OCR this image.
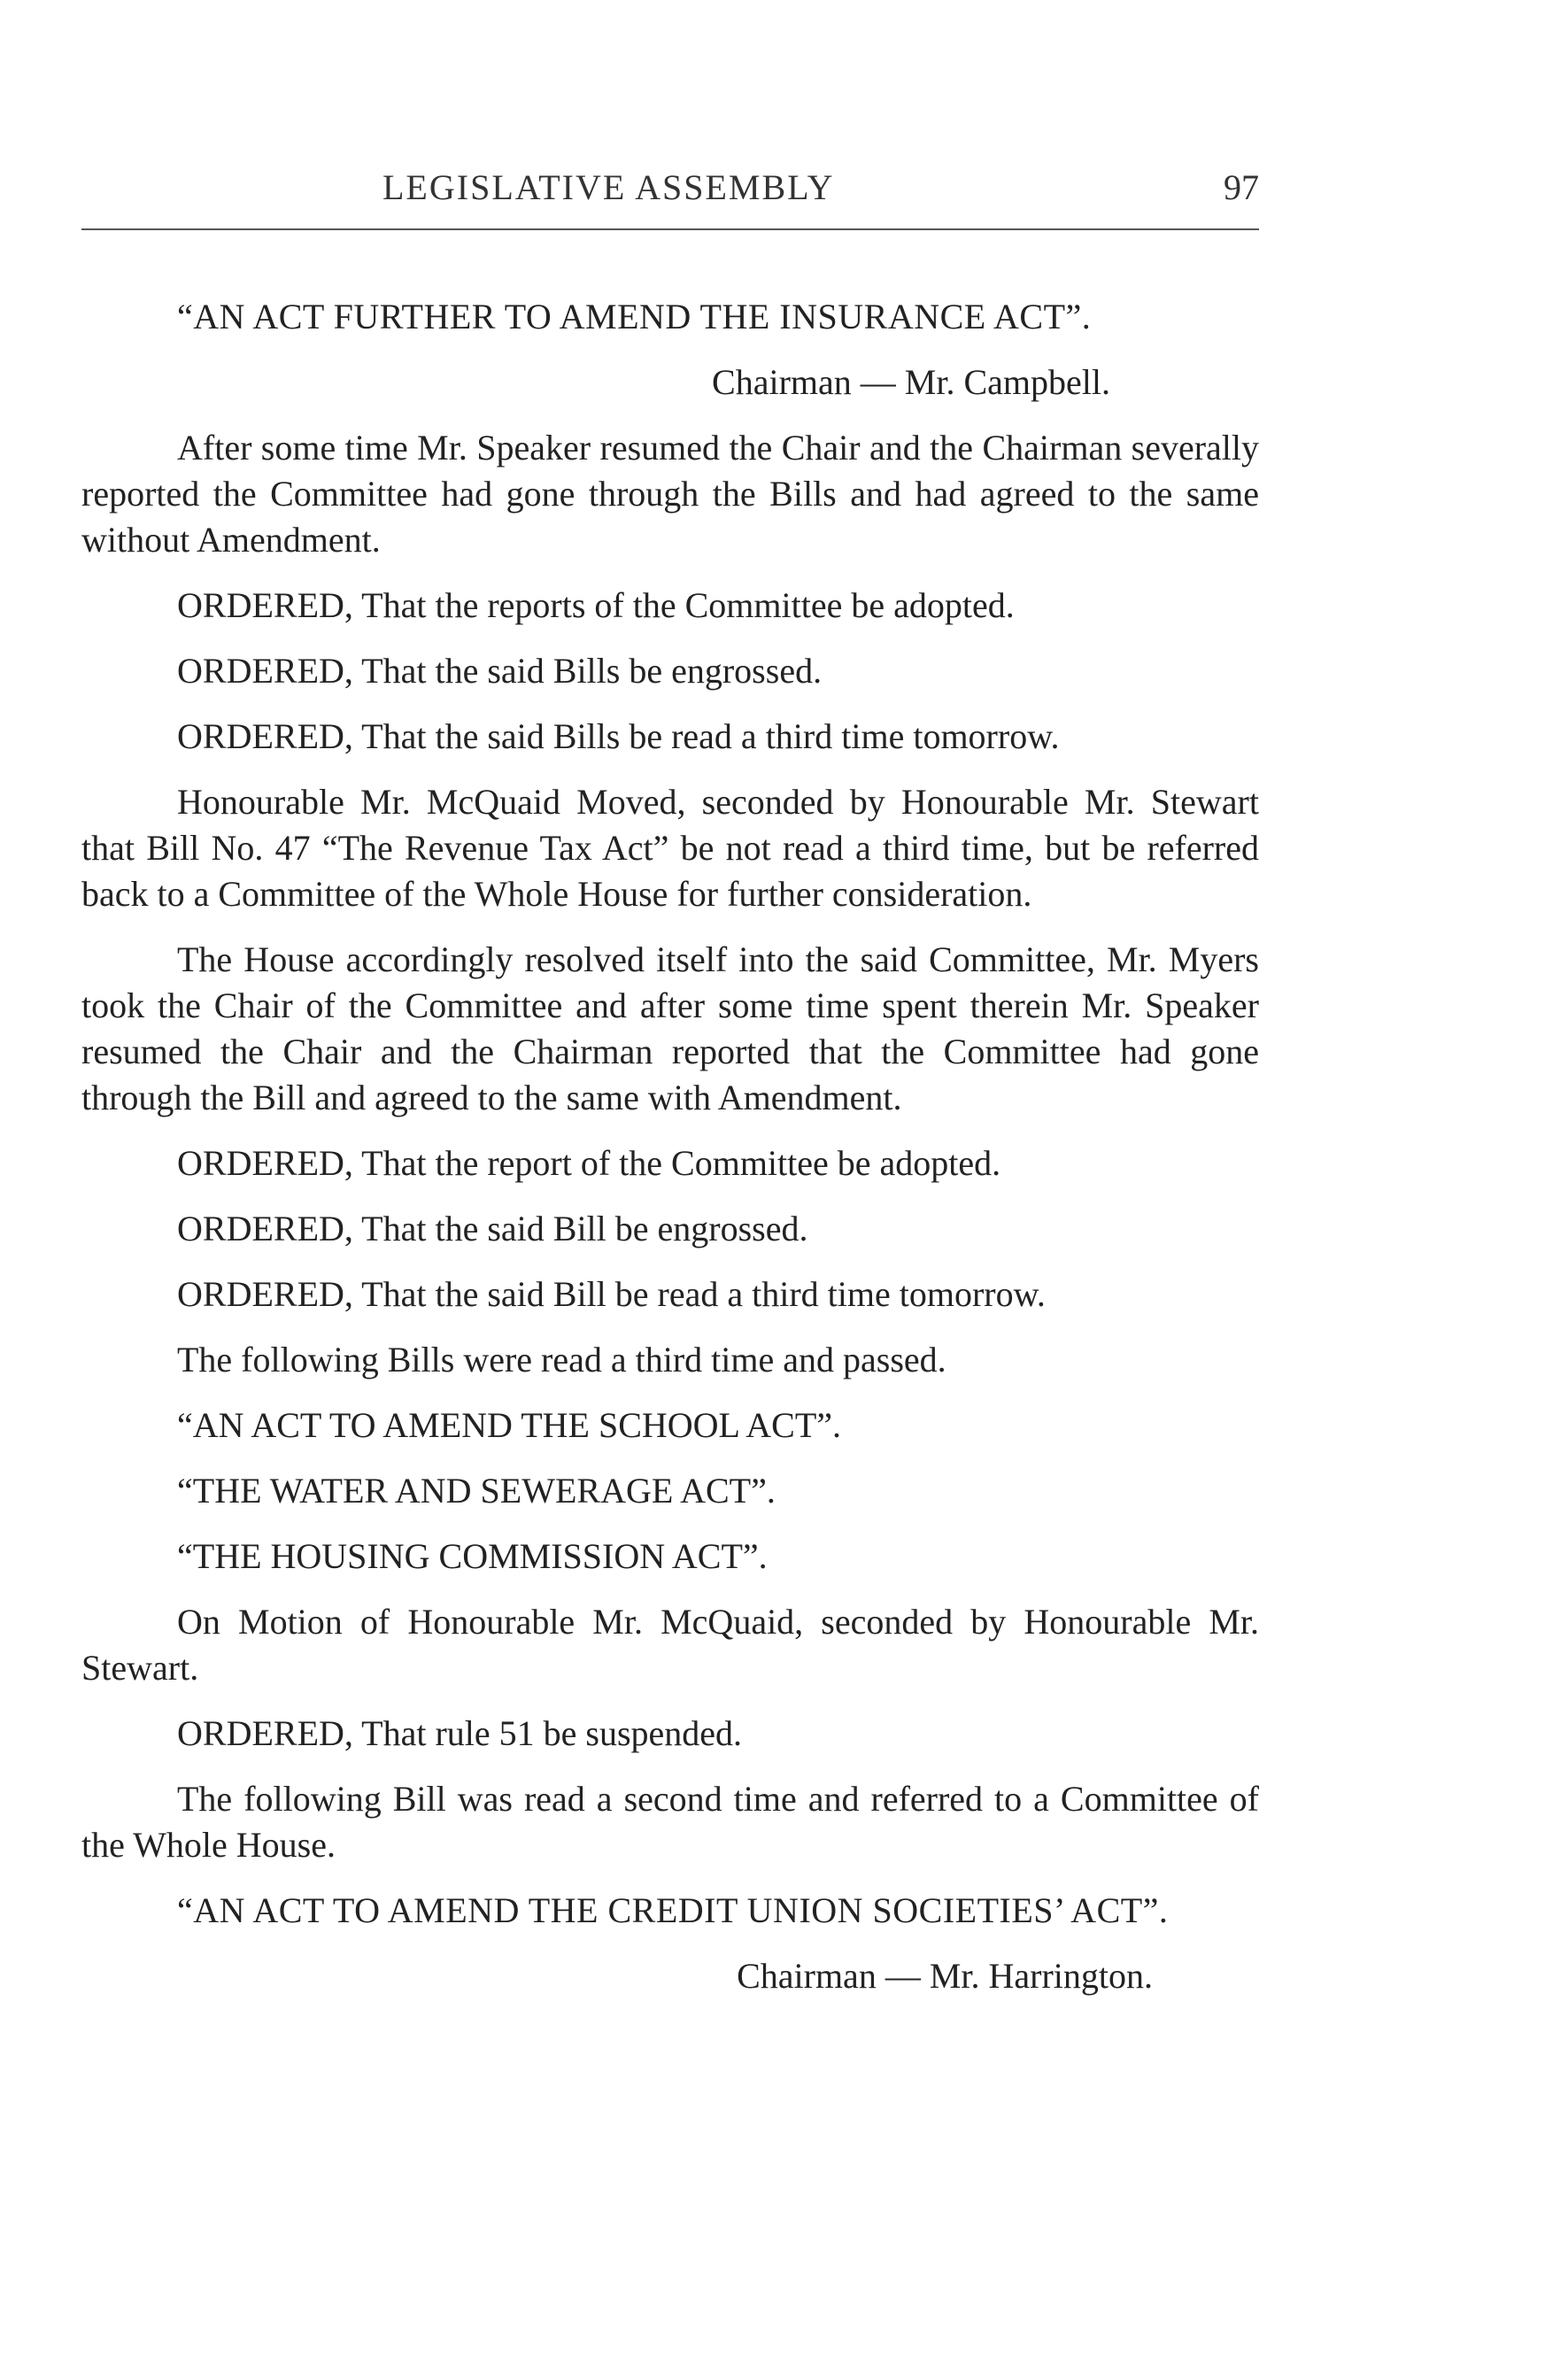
LEGISLATIVE ASSEMBLY	97
“AN ACT FURTHER TO AMEND THE INSURANCE ACT”.
Chairman — Mr. Campbell.
After some time Mr. Speaker resumed the Chair and the Chairman severally reported the Committee had gone through the Bills and had agreed to the same without Amendment.
ORDERED, That the reports of the Committee be adopted.
ORDERED, That the said Bills be engrossed.
ORDERED, That the said Bills be read a third time tomorrow.
Honourable Mr. McQuaid Moved, seconded by Honourable Mr. Stewart that Bill No. 47 “The Revenue Tax Act” be not read a third time, but be referred back to a Committee of the Whole House for further consideration.
The House accordingly resolved itself into the said Committee, Mr. Myers took the Chair of the Committee and after some time spent therein Mr. Speaker resumed the Chair and the Chairman reported that the Committee had gone through the Bill and agreed to the same with Amendment.
ORDERED, That the report of the Committee be adopted.
ORDERED, That the said Bill be engrossed.
ORDERED, That the said Bill be read a third time tomorrow.
The following Bills were read a third time and passed.
“AN ACT TO AMEND THE SCHOOL ACT”.
“THE WATER AND SEWERAGE ACT”.
“THE HOUSING COMMISSION ACT”.
On Motion of Honourable Mr. McQuaid, seconded by Honourable Mr. Stewart.
ORDERED, That rule 51 be suspended.
The following Bill was read a second time and referred to a Committee of the Whole House.
“AN ACT TO AMEND THE CREDIT UNION SOCIETIES’ ACT”.
Chairman — Mr. Harrington.
